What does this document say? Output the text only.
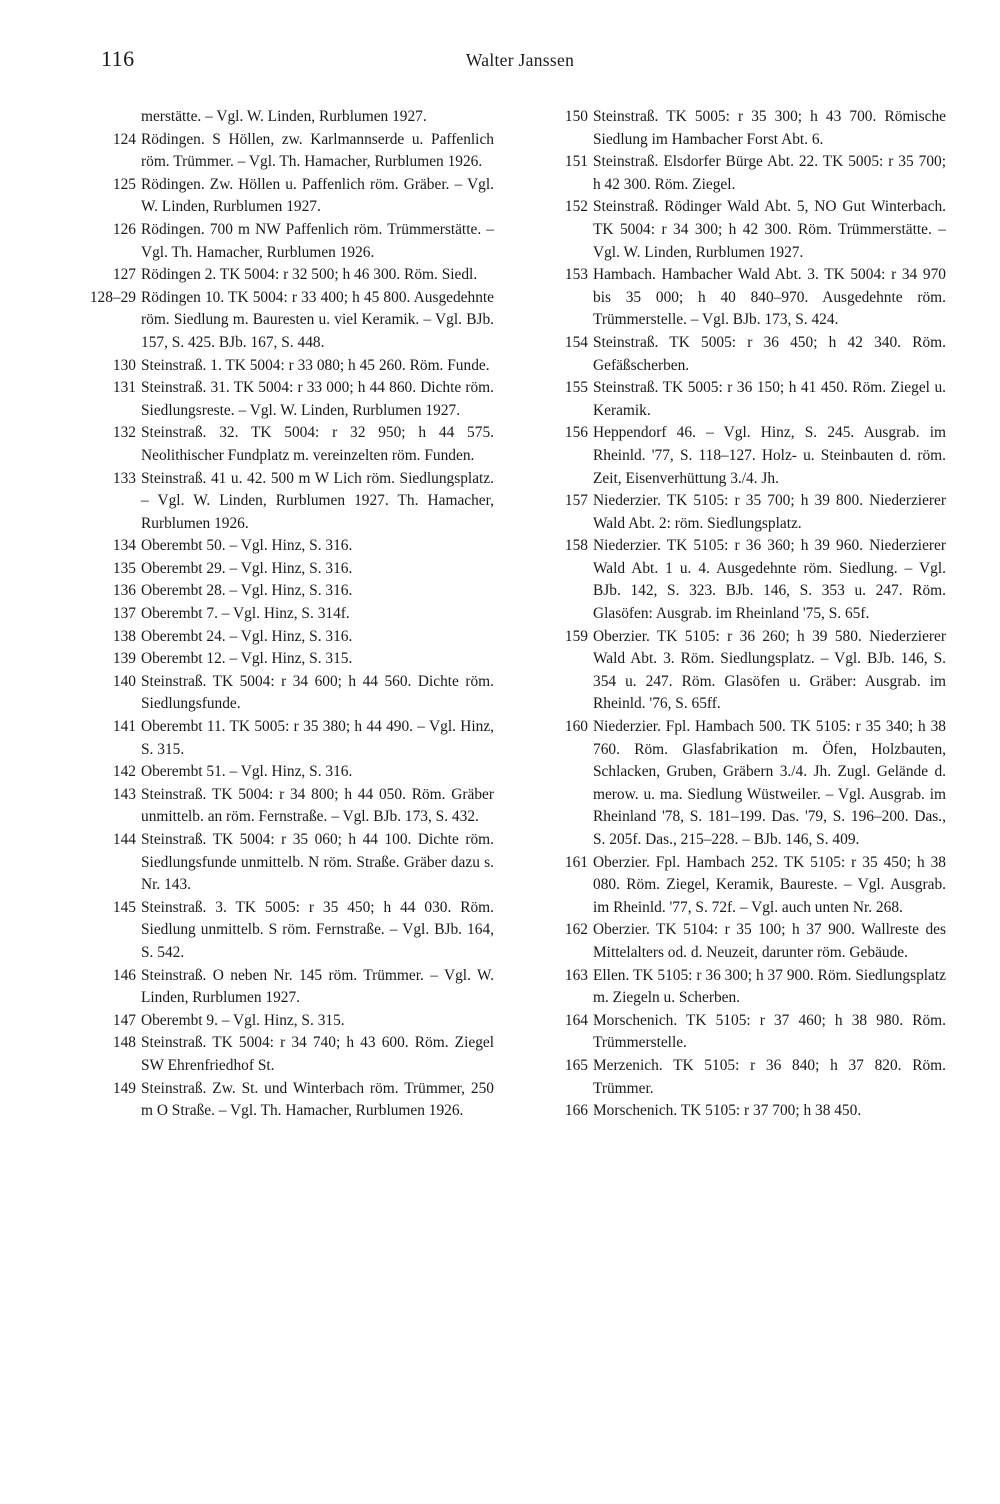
116	Walter Janssen
merstätte. – Vgl. W. Linden, Rurblumen 1927.
124 Rödingen. S Höllen, zw. Karlmannserde u. Paffenlich röm. Trümmer. – Vgl. Th. Hamacher, Rurblumen 1926.
125 Rödingen. Zw. Höllen u. Paffenlich röm. Gräber. – Vgl. W. Linden, Rurblumen 1927.
126 Rödingen. 700 m NW Paffenlich röm. Trümmerstätte. – Vgl. Th. Hamacher, Rurblumen 1926.
127 Rödingen 2. TK 5004: r 32 500; h 46 300. Röm. Siedl.
128–29 Rödingen 10. TK 5004: r 33 400; h 45 800. Ausgedehnte röm. Siedlung m. Bauresten u. viel Keramik. – Vgl. BJb. 157, S. 425. BJb. 167, S. 448.
130 Steinstraß. 1. TK 5004: r 33 080; h 45 260. Röm. Funde.
131 Steinstraß. 31. TK 5004: r 33 000; h 44 860. Dichte röm. Siedlungsreste. – Vgl. W. Linden, Rurblumen 1927.
132 Steinstraß. 32. TK 5004: r 32 950; h 44 575. Neolithischer Fundplatz m. vereinzelten röm. Funden.
133 Steinstraß. 41 u. 42. 500 m W Lich röm. Siedlungsplatz. – Vgl. W. Linden, Rurblumen 1927. Th. Hamacher, Rurblumen 1926.
134 Oberembt 50. – Vgl. Hinz, S. 316.
135 Oberembt 29. – Vgl. Hinz, S. 316.
136 Oberembt 28. – Vgl. Hinz, S. 316.
137 Oberembt 7. – Vgl. Hinz, S. 314f.
138 Oberembt 24. – Vgl. Hinz, S. 316.
139 Oberembt 12. – Vgl. Hinz, S. 315.
140 Steinstraß. TK 5004: r 34 600; h 44 560. Dichte röm. Siedlungsfunde.
141 Oberembt 11. TK 5005: r 35 380; h 44 490. – Vgl. Hinz, S. 315.
142 Oberembt 51. – Vgl. Hinz, S. 316.
143 Steinstraß. TK 5004: r 34 800; h 44 050. Röm. Gräber unmittelb. an röm. Fernstraße. – Vgl. BJb. 173, S. 432.
144 Steinstraß. TK 5004: r 35 060; h 44 100. Dichte röm. Siedlungsfunde unmittelb. N röm. Straße. Gräber dazu s. Nr. 143.
145 Steinstraß. 3. TK 5005: r 35 450; h 44 030. Röm. Siedlung unmittelb. S röm. Fernstraße. – Vgl. BJb. 164, S. 542.
146 Steinstraß. O neben Nr. 145 röm. Trümmer. – Vgl. W. Linden, Rurblumen 1927.
147 Oberembt 9. – Vgl. Hinz, S. 315.
148 Steinstraß. TK 5004: r 34 740; h 43 600. Röm. Ziegel SW Ehrenfriedhof St.
149 Steinstraß. Zw. St. und Winterbach röm. Trümmer, 250 m O Straße. – Vgl. Th. Hamacher, Rurblumen 1926.
150 Steinstraß. TK 5005: r 35 300; h 43 700. Römische Siedlung im Hambacher Forst Abt. 6.
151 Steinstraß. Elsdorfer Bürge Abt. 22. TK 5005: r 35 700; h 42 300. Röm. Ziegel.
152 Steinstraß. Rödinger Wald Abt. 5, NO Gut Winterbach. TK 5004: r 34 300; h 42 300. Röm. Trümmerstätte. – Vgl. W. Linden, Rurblumen 1927.
153 Hambach. Hambacher Wald Abt. 3. TK 5004: r 34 970 bis 35 000; h 40 840–970. Ausgedehnte röm. Trümmerstelle. – Vgl. BJb. 173, S. 424.
154 Steinstraß. TK 5005: r 36 450; h 42 340. Röm. Gefäßscherben.
155 Steinstraß. TK 5005: r 36 150; h 41 450. Röm. Ziegel u. Keramik.
156 Heppendorf 46. – Vgl. Hinz, S. 245. Ausgrab. im Rheinld. '77, S. 118–127. Holz- u. Steinbauten d. röm. Zeit, Eisenverhüttung 3./4. Jh.
157 Niederzier. TK 5105: r 35 700; h 39 800. Niederzierer Wald Abt. 2: röm. Siedlungsplatz.
158 Niederzier. TK 5105: r 36 360; h 39 960. Niederzierer Wald Abt. 1 u. 4. Ausgedehnte röm. Siedlung. – Vgl. BJb. 142, S. 323. BJb. 146, S. 353 u. 247. Röm. Glasöfen: Ausgrab. im Rheinland '75, S. 65f.
159 Oberzier. TK 5105: r 36 260; h 39 580. Niederzierer Wald Abt. 3. Röm. Siedlungsplatz. – Vgl. BJb. 146, S. 354 u. 247. Röm. Glasöfen u. Gräber: Ausgrab. im Rheinld. '76, S. 65ff.
160 Niederzier. Fpl. Hambach 500. TK 5105: r 35 340; h 38 760. Röm. Glasfabrikation m. Öfen, Holzbauten, Schlacken, Gruben, Gräbern 3./4. Jh. Zugl. Gelände d. merow. u. ma. Siedlung Wüstweiler. – Vgl. Ausgrab. im Rheinland '78, S. 181–199. Das. '79, S. 196–200. Das., S. 205f. Das., 215–228. – BJb. 146, S. 409.
161 Oberzier. Fpl. Hambach 252. TK 5105: r 35 450; h 38 080. Röm. Ziegel, Keramik, Baureste. – Vgl. Ausgrab. im Rheinld. '77, S. 72f. – Vgl. auch unten Nr. 268.
162 Oberzier. TK 5104: r 35 100; h 37 900. Wallreste des Mittelalters od. d. Neuzeit, darunter röm. Gebäude.
163 Ellen. TK 5105: r 36 300; h 37 900. Röm. Siedlungsplatz m. Ziegeln u. Scherben.
164 Morschenich. TK 5105: r 37 460; h 38 980. Röm. Trümmerstelle.
165 Merzenich. TK 5105: r 36 840; h 37 820. Röm. Trümmer.
166 Morschenich. TK 5105: r 37 700; h 38 450.
